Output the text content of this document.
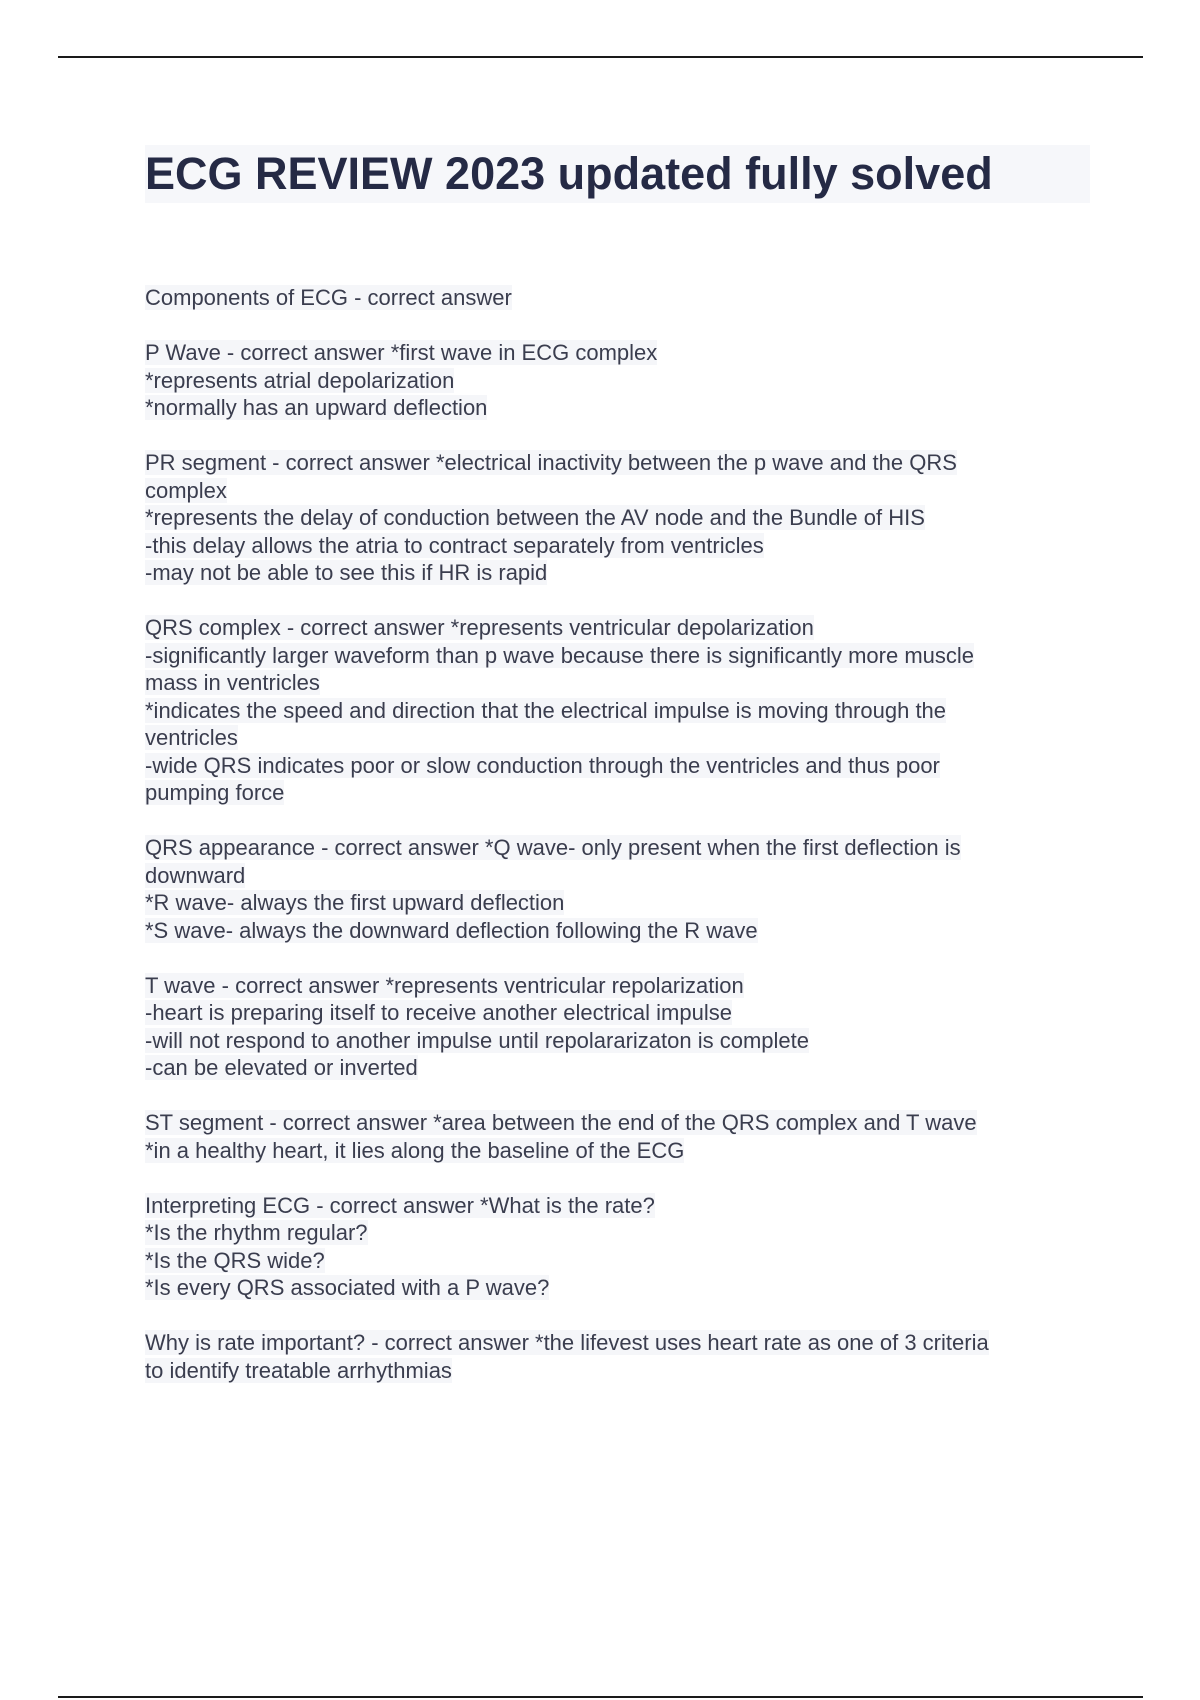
ECG REVIEW 2023 updated fully solved
Components of ECG - correct answer
P Wave - correct answer *first wave in ECG complex
*represents atrial depolarization
*normally has an upward deflection
PR segment - correct answer *electrical inactivity between the p wave and the QRS
complex
*represents the delay of conduction between the AV node and the Bundle of HIS
-this delay allows the atria to contract separately from ventricles
-may not be able to see this if HR is rapid
QRS complex - correct answer *represents ventricular depolarization
-significantly larger waveform than p wave because there is significantly more muscle
mass in ventricles
*indicates the speed and direction that the electrical impulse is moving through the
ventricles
-wide QRS indicates poor or slow conduction through the ventricles and thus poor
pumping force
QRS appearance - correct answer *Q wave- only present when the first deflection is
downward
*R wave- always the first upward deflection
*S wave- always the downward deflection following the R wave
T wave - correct answer *represents ventricular repolarization
-heart is preparing itself to receive another electrical impulse
-will not respond to another impulse until repolararizaton is complete
-can be elevated or inverted
ST segment - correct answer *area between the end of the QRS complex and T wave
*in a healthy heart, it lies along the baseline of the ECG
Interpreting ECG - correct answer *What is the rate?
*Is the rhythm regular?
*Is the QRS wide?
*Is every QRS associated with a P wave?
Why is rate important? - correct answer *the lifevest uses heart rate as one of 3 criteria
to identify treatable arrhythmias
